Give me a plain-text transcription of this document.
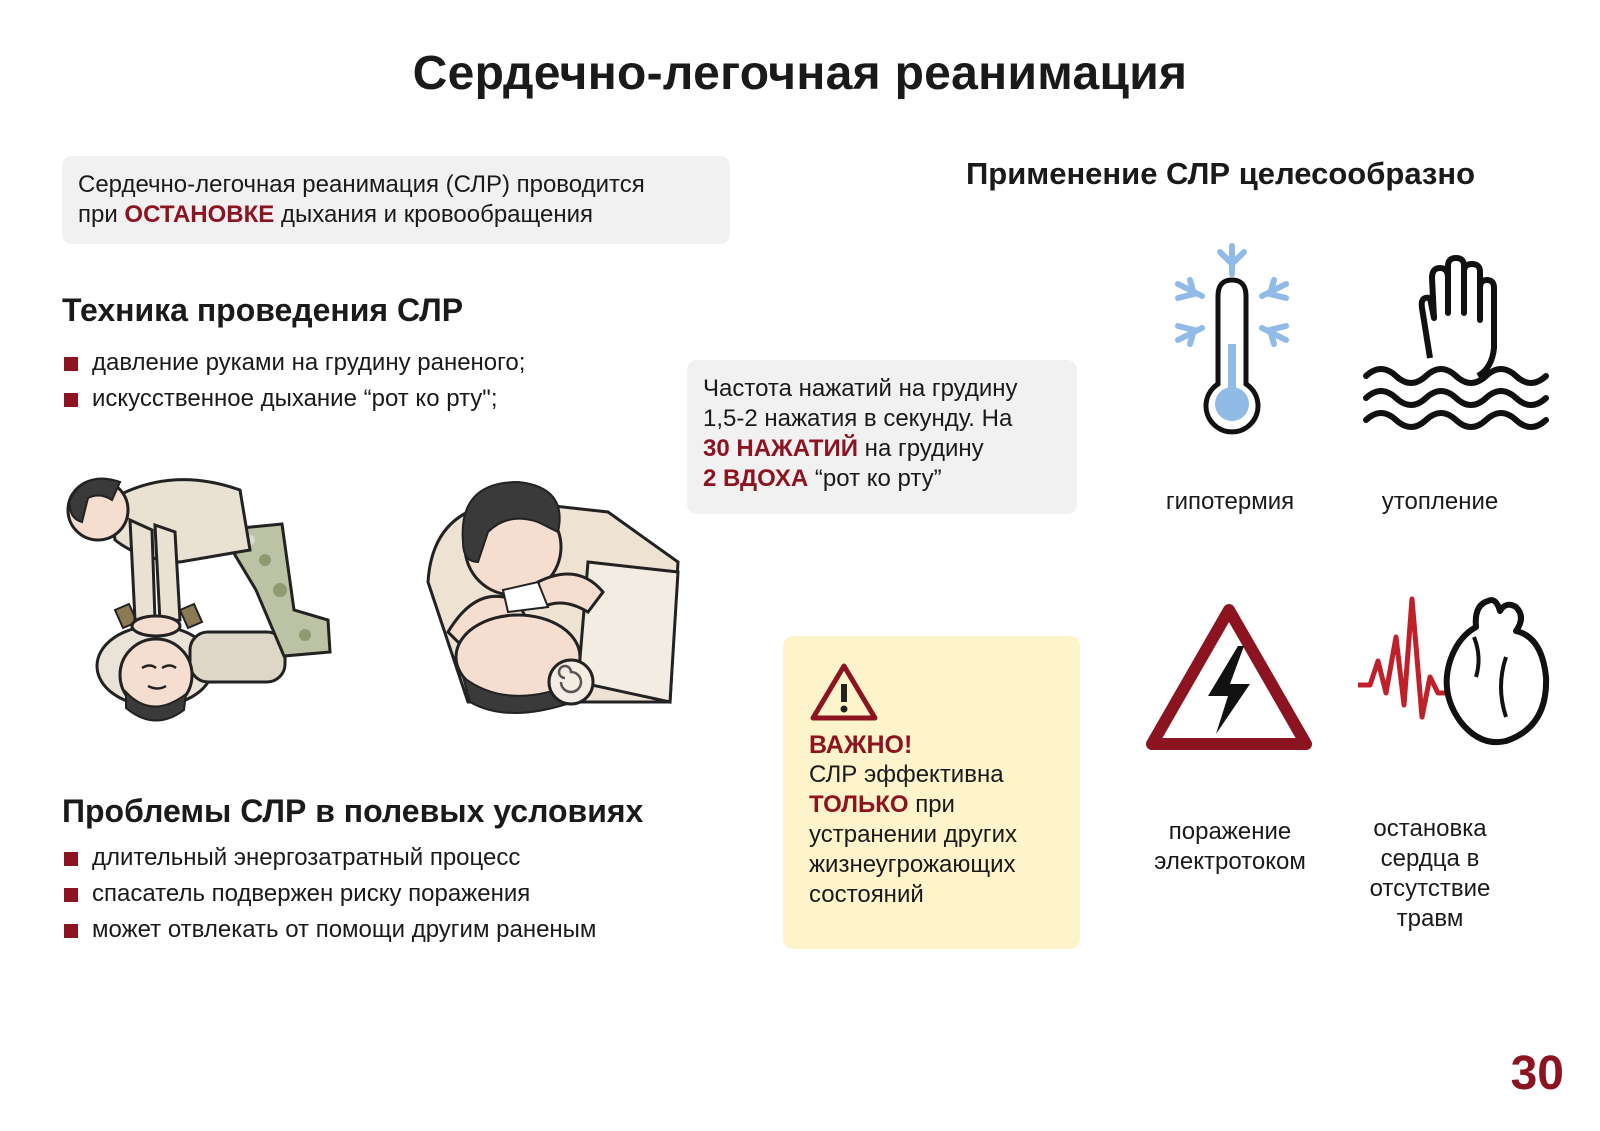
Сердечно-легочная реанимация
Сердечно-легочная реанимация (СЛР) проводится
при ОСТАНОВКЕ дыхания и кровообращения
Техника проведения СЛР
давление руками на грудину раненого;
искусственное дыхание “рот ко рту";	Частота нажатий на грудину
1,5-2 нажатия в секунду. На
30 НАЖАТИЙ на грудину
2 ВДОХА “рот ко рту”
Проблемы СЛР в полевых условиях
длительный энергозатратный процесс
спасатель подвержен риску поражения
может отвлекать от помощи другим раненым
ВАЖНО!
СЛР эффективна
ТОЛЬКО при
устранении других
жизнеугрожающих
состояний
Применение СЛР целесообразно
гипотермия	утопление
поражение
электротоком
остановка
сердца в
отсутствие
травм
30
